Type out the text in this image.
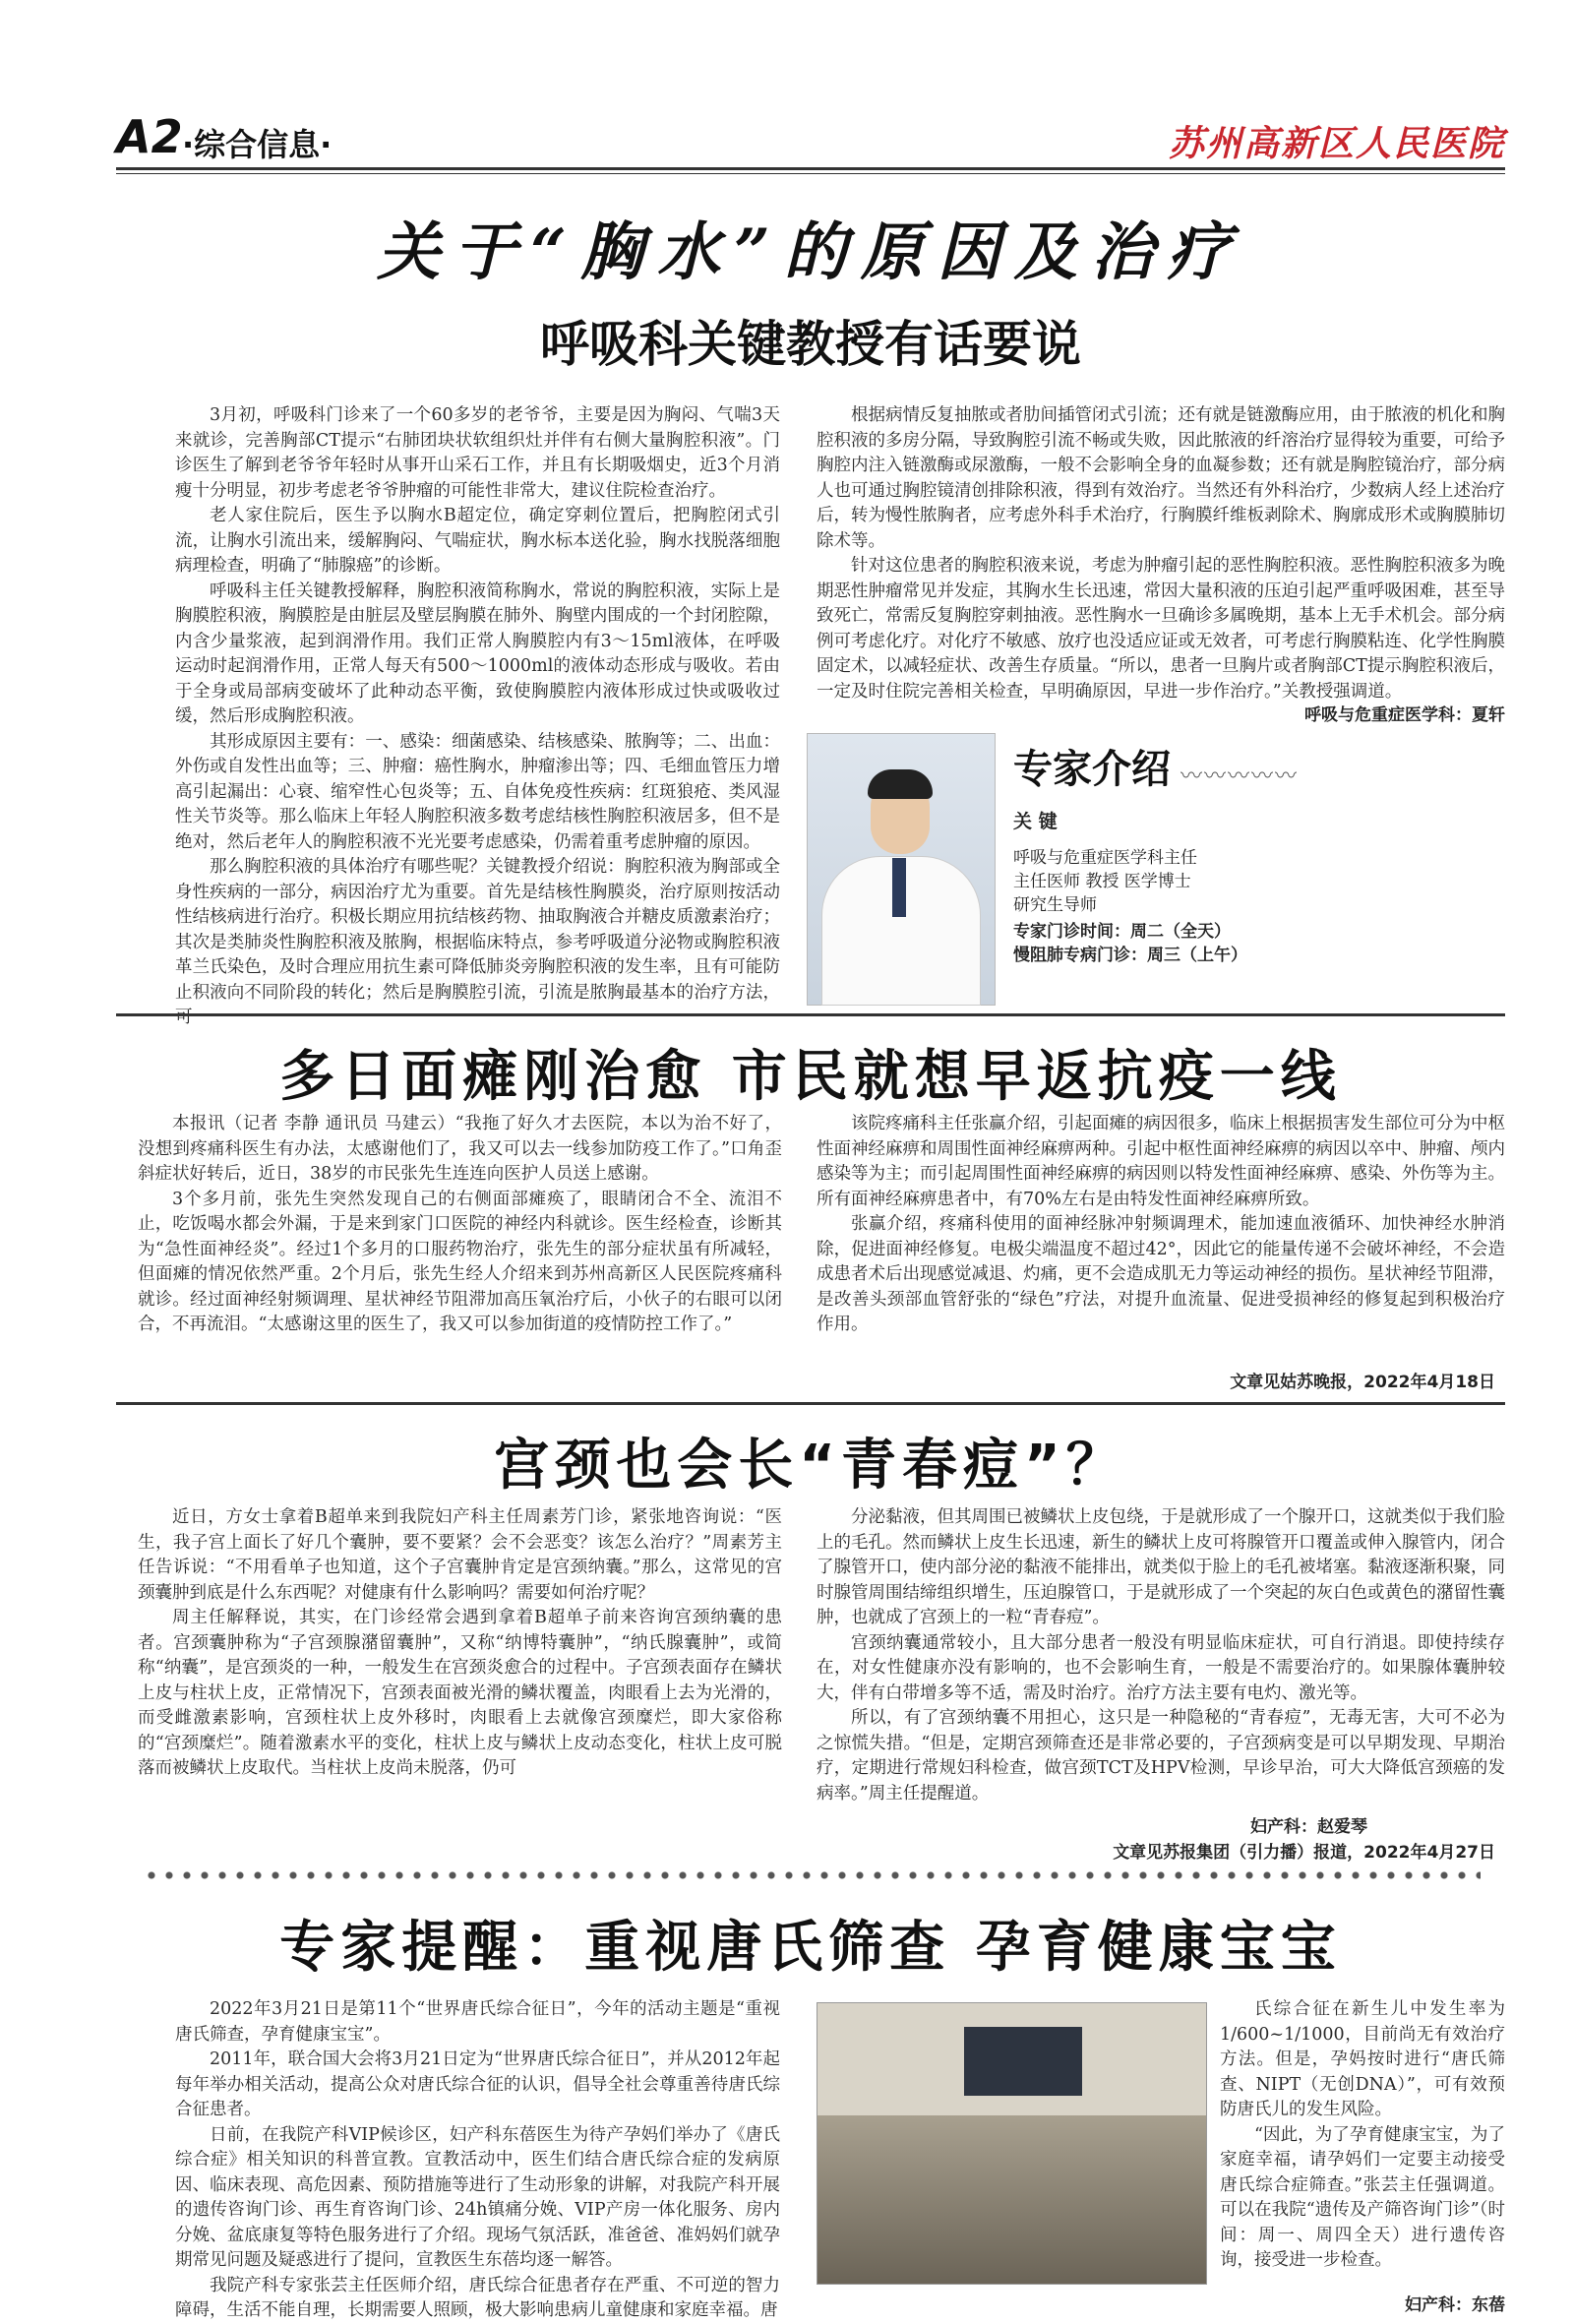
A2 ·综合信息·	苏州高新区人民医院
关于“胸水”的原因及治疗
呼吸科关键教授有话要说

3月初，呼吸科门诊来了一个60多岁的老爷爷，主要是因为胸闷、气喘3天来就诊，完善胸部CT提示“右肺团块状软组织灶并伴有右侧大量胸腔积液”。门诊医生了解到老爷爷年轻时从事开山采石工作，并且有长期吸烟史，近3个月消瘦十分明显，初步考虑老爷爷肿瘤的可能性非常大，建议住院检查治疗。

老人家住院后，医生予以胸水B超定位，确定穿刺位置后，把胸腔闭式引流，让胸水引流出来，缓解胸闷、气喘症状，胸水标本送化验，胸水找脱落细胞病理检查，明确了“肺腺癌”的诊断。

呼吸科主任关键教授解释，胸腔积液简称胸水，常说的胸腔积液，实际上是胸膜腔积液，胸膜腔是由脏层及壁层胸膜在肺外、胸壁内围成的一个封闭腔隙，内含少量浆液，起到润滑作用。我们正常人胸膜腔内有3～15ml液体，在呼吸运动时起润滑作用，正常人每天有500～1000ml的液体动态形成与吸收。若由于全身或局部病变破坏了此种动态平衡，致使胸膜腔内液体形成过快或吸收过缓，然后形成胸腔积液。

其形成原因主要有：一、感染：细菌感染、结核感染、脓胸等；二、出血：外伤或自发性出血等；三、肿瘤：癌性胸水，肿瘤渗出等；四、毛细血管压力增高引起漏出：心衰、缩窄性心包炎等；五、自体免疫性疾病：红斑狼疮、类风湿性关节炎等。那么临床上年轻人胸腔积液多数考虑结核性胸腔积液居多，但不是绝对，然后老年人的胸腔积液不光光要考虑感染，仍需着重考虑肿瘤的原因。

那么胸腔积液的具体治疗有哪些呢？关键教授介绍说：胸腔积液为胸部或全身性疾病的一部分，病因治疗尤为重要。首先是结核性胸膜炎，治疗原则按活动性结核病进行治疗。积极长期应用抗结核药物、抽取胸液合并糖皮质激素治疗；其次是类肺炎性胸腔积液及脓胸，根据临床特点，参考呼吸道分泌物或胸腔积液革兰氏染色，及时合理应用抗生素可降低肺炎旁胸腔积液的发生率，且有可能防止积液向不同阶段的转化；然后是胸膜腔引流，引流是脓胸最基本的治疗方法，可

根据病情反复抽脓或者肋间插管闭式引流；还有就是链激酶应用，由于脓液的机化和胸腔积液的多房分隔，导致胸腔引流不畅或失败，因此脓液的纤溶治疗显得较为重要，可给予胸腔内注入链激酶或尿激酶，一般不会影响全身的血凝参数；还有就是胸腔镜治疗，部分病人也可通过胸腔镜清创排除积液，得到有效治疗。当然还有外科治疗，少数病人经上述治疗后，转为慢性脓胸者，应考虑外科手术治疗，行胸膜纤维板剥除术、胸廓成形术或胸膜肺切除术等。

针对这位患者的胸腔积液来说，考虑为肿瘤引起的恶性胸腔积液。恶性胸腔积液多为晚期恶性肿瘤常见并发症，其胸水生长迅速，常因大量积液的压迫引起严重呼吸困难，甚至导致死亡，常需反复胸腔穿刺抽液。恶性胸水一旦确诊多属晚期，基本上无手术机会。部分病例可考虑化疗。对化疗不敏感、放疗也没适应证或无效者，可考虑行胸膜粘连、化学性胸膜固定术，以减轻症状、改善生存质量。“所以，患者一旦胸片或者胸部CT提示胸腔积液后，一定及时住院完善相关检查，早明确原因，早进一步作治疗。”关教授强调道。

呼吸与危重症医学科：夏轩
专家介绍 〰〰〰〰〰
关 键
呼吸与危重症医学科主任
主任医师 教授 医学博士
研究生导师
专家门诊时间：周二（全天）
慢阻肺专病门诊：周三（上午）
多日面瘫刚治愈 市民就想早返抗疫一线

本报讯（记者 李静 通讯员 马建云）“我拖了好久才去医院，本以为治不好了，没想到疼痛科医生有办法，太感谢他们了，我又可以去一线参加防疫工作了。”口角歪斜症状好转后，近日，38岁的市民张先生连连向医护人员送上感谢。

3个多月前，张先生突然发现自己的右侧面部瘫痪了，眼睛闭合不全、流泪不止，吃饭喝水都会外漏，于是来到家门口医院的神经内科就诊。医生经检查，诊断其为“急性面神经炎”。经过1个多月的口服药物治疗，张先生的部分症状虽有所减轻，但面瘫的情况依然严重。2个月后，张先生经人介绍来到苏州高新区人民医院疼痛科就诊。经过面神经射频调理、星状神经节阻滞加高压氧治疗后，小伙子的右眼可以闭合，不再流泪。“太感谢这里的医生了，我又可以参加街道的疫情防控工作了。”

该院疼痛科主任张赢介绍，引起面瘫的病因很多，临床上根据损害发生部位可分为中枢性面神经麻痹和周围性面神经麻痹两种。引起中枢性面神经麻痹的病因以卒中、肿瘤、颅内感染等为主；而引起周围性面神经麻痹的病因则以特发性面神经麻痹、感染、外伤等为主。所有面神经麻痹患者中，有70%左右是由特发性面神经麻痹所致。

张赢介绍，疼痛科使用的面神经脉冲射频调理术，能加速血液循环、加快神经水肿消除，促进面神经修复。电极尖端温度不超过42°，因此它的能量传递不会破坏神经，不会造成患者术后出现感觉减退、灼痛，更不会造成肌无力等运动神经的损伤。星状神经节阻滞，是改善头颈部血管舒张的“绿色”疗法，对提升血流量、促进受损神经的修复起到积极治疗作用。

文章见姑苏晚报，2022年4月18日
宫颈也会长“青春痘”？

近日，方女士拿着B超单来到我院妇产科主任周素芳门诊，紧张地咨询说：“医生，我子宫上面长了好几个囊肿，要不要紧？会不会恶变？该怎么治疗？”周素芳主任告诉说：“不用看单子也知道，这个子宫囊肿肯定是宫颈纳囊。”那么，这常见的宫颈囊肿到底是什么东西呢？对健康有什么影响吗？需要如何治疗呢？

周主任解释说，其实，在门诊经常会遇到拿着B超单子前来咨询宫颈纳囊的患者。宫颈囊肿称为“子宫颈腺潴留囊肿”，又称“纳博特囊肿”，“纳氏腺囊肿”，或简称“纳囊”，是宫颈炎的一种，一般发生在宫颈炎愈合的过程中。子宫颈表面存在鳞状上皮与柱状上皮，正常情况下，宫颈表面被光滑的鳞状覆盖，肉眼看上去为光滑的，而受雌激素影响，宫颈柱状上皮外移时，肉眼看上去就像宫颈糜烂，即大家俗称的“宫颈糜烂”。随着激素水平的变化，柱状上皮与鳞状上皮动态变化，柱状上皮可脱落而被鳞状上皮取代。当柱状上皮尚未脱落，仍可

分泌黏液，但其周围已被鳞状上皮包绕，于是就形成了一个腺开口，这就类似于我们脸上的毛孔。然而鳞状上皮生长迅速，新生的鳞状上皮可将腺管开口覆盖或伸入腺管内，闭合了腺管开口，使内部分泌的黏液不能排出，就类似于脸上的毛孔被堵塞。黏液逐渐积聚，同时腺管周围结缔组织增生，压迫腺管口，于是就形成了一个突起的灰白色或黄色的潴留性囊肿，也就成了宫颈上的一粒“青春痘”。

宫颈纳囊通常较小，且大部分患者一般没有明显临床症状，可自行消退。即使持续存在，对女性健康亦没有影响的，也不会影响生育，一般是不需要治疗的。如果腺体囊肿较大，伴有白带增多等不适，需及时治疗。治疗方法主要有电灼、激光等。

所以，有了宫颈纳囊不用担心，这只是一种隐秘的“青春痘”，无毒无害，大可不必为之惊慌失措。“但是，定期宫颈筛查还是非常必要的，子宫颈病变是可以早期发现、早期治疗，定期进行常规妇科检查，做宫颈TCT及HPV检测，早诊早治，可大大降低宫颈癌的发病率。”周主任提醒道。

妇产科：赵爱琴
文章见苏报集团（引力播）报道，2022年4月27日
专家提醒：重视唐氏筛查 孕育健康宝宝

2022年3月21日是第11个“世界唐氏综合征日”，今年的活动主题是“重视唐氏筛查，孕育健康宝宝”。

2011年，联合国大会将3月21日定为“世界唐氏综合征日”，并从2012年起每年举办相关活动，提高公众对唐氏综合征的认识，倡导全社会尊重善待唐氏综合征患者。

日前，在我院产科VIP候诊区，妇产科东蓓医生为待产孕妈们举办了《唐氏综合症》相关知识的科普宣教。宣教活动中，医生们结合唐氏综合症的发病原因、临床表现、高危因素、预防措施等进行了生动形象的讲解，对我院产科开展的遗传咨询门诊、再生育咨询门诊、24h镇痛分娩、VIP产房一体化服务、房内分娩、盆底康复等特色服务进行了介绍。现场气氛活跃，准爸爸、准妈妈们就孕期常见问题及疑惑进行了提问，宣教医生东蓓均逐一解答。

我院产科专家张芸主任医师介绍，唐氏综合征患者存在严重、不可逆的智力障碍，生活不能自理，长期需要人照顾，极大影响患病儿童健康和家庭幸福。唐

氏综合征在新生儿中发生率为1/600~1/1000，目前尚无有效治疗方法。但是，孕妈按时进行“唐氏筛查、NIPT（无创DNA）”，可有效预防唐氏儿的发生风险。

“因此，为了孕育健康宝宝，为了家庭幸福，请孕妈们一定要主动接受唐氏综合症筛查。”张芸主任强调道。可以在我院“遗传及产筛咨询门诊”（时间：周一、周四全天）进行遗传咨询，接受进一步检查。

妇产科：东蓓
